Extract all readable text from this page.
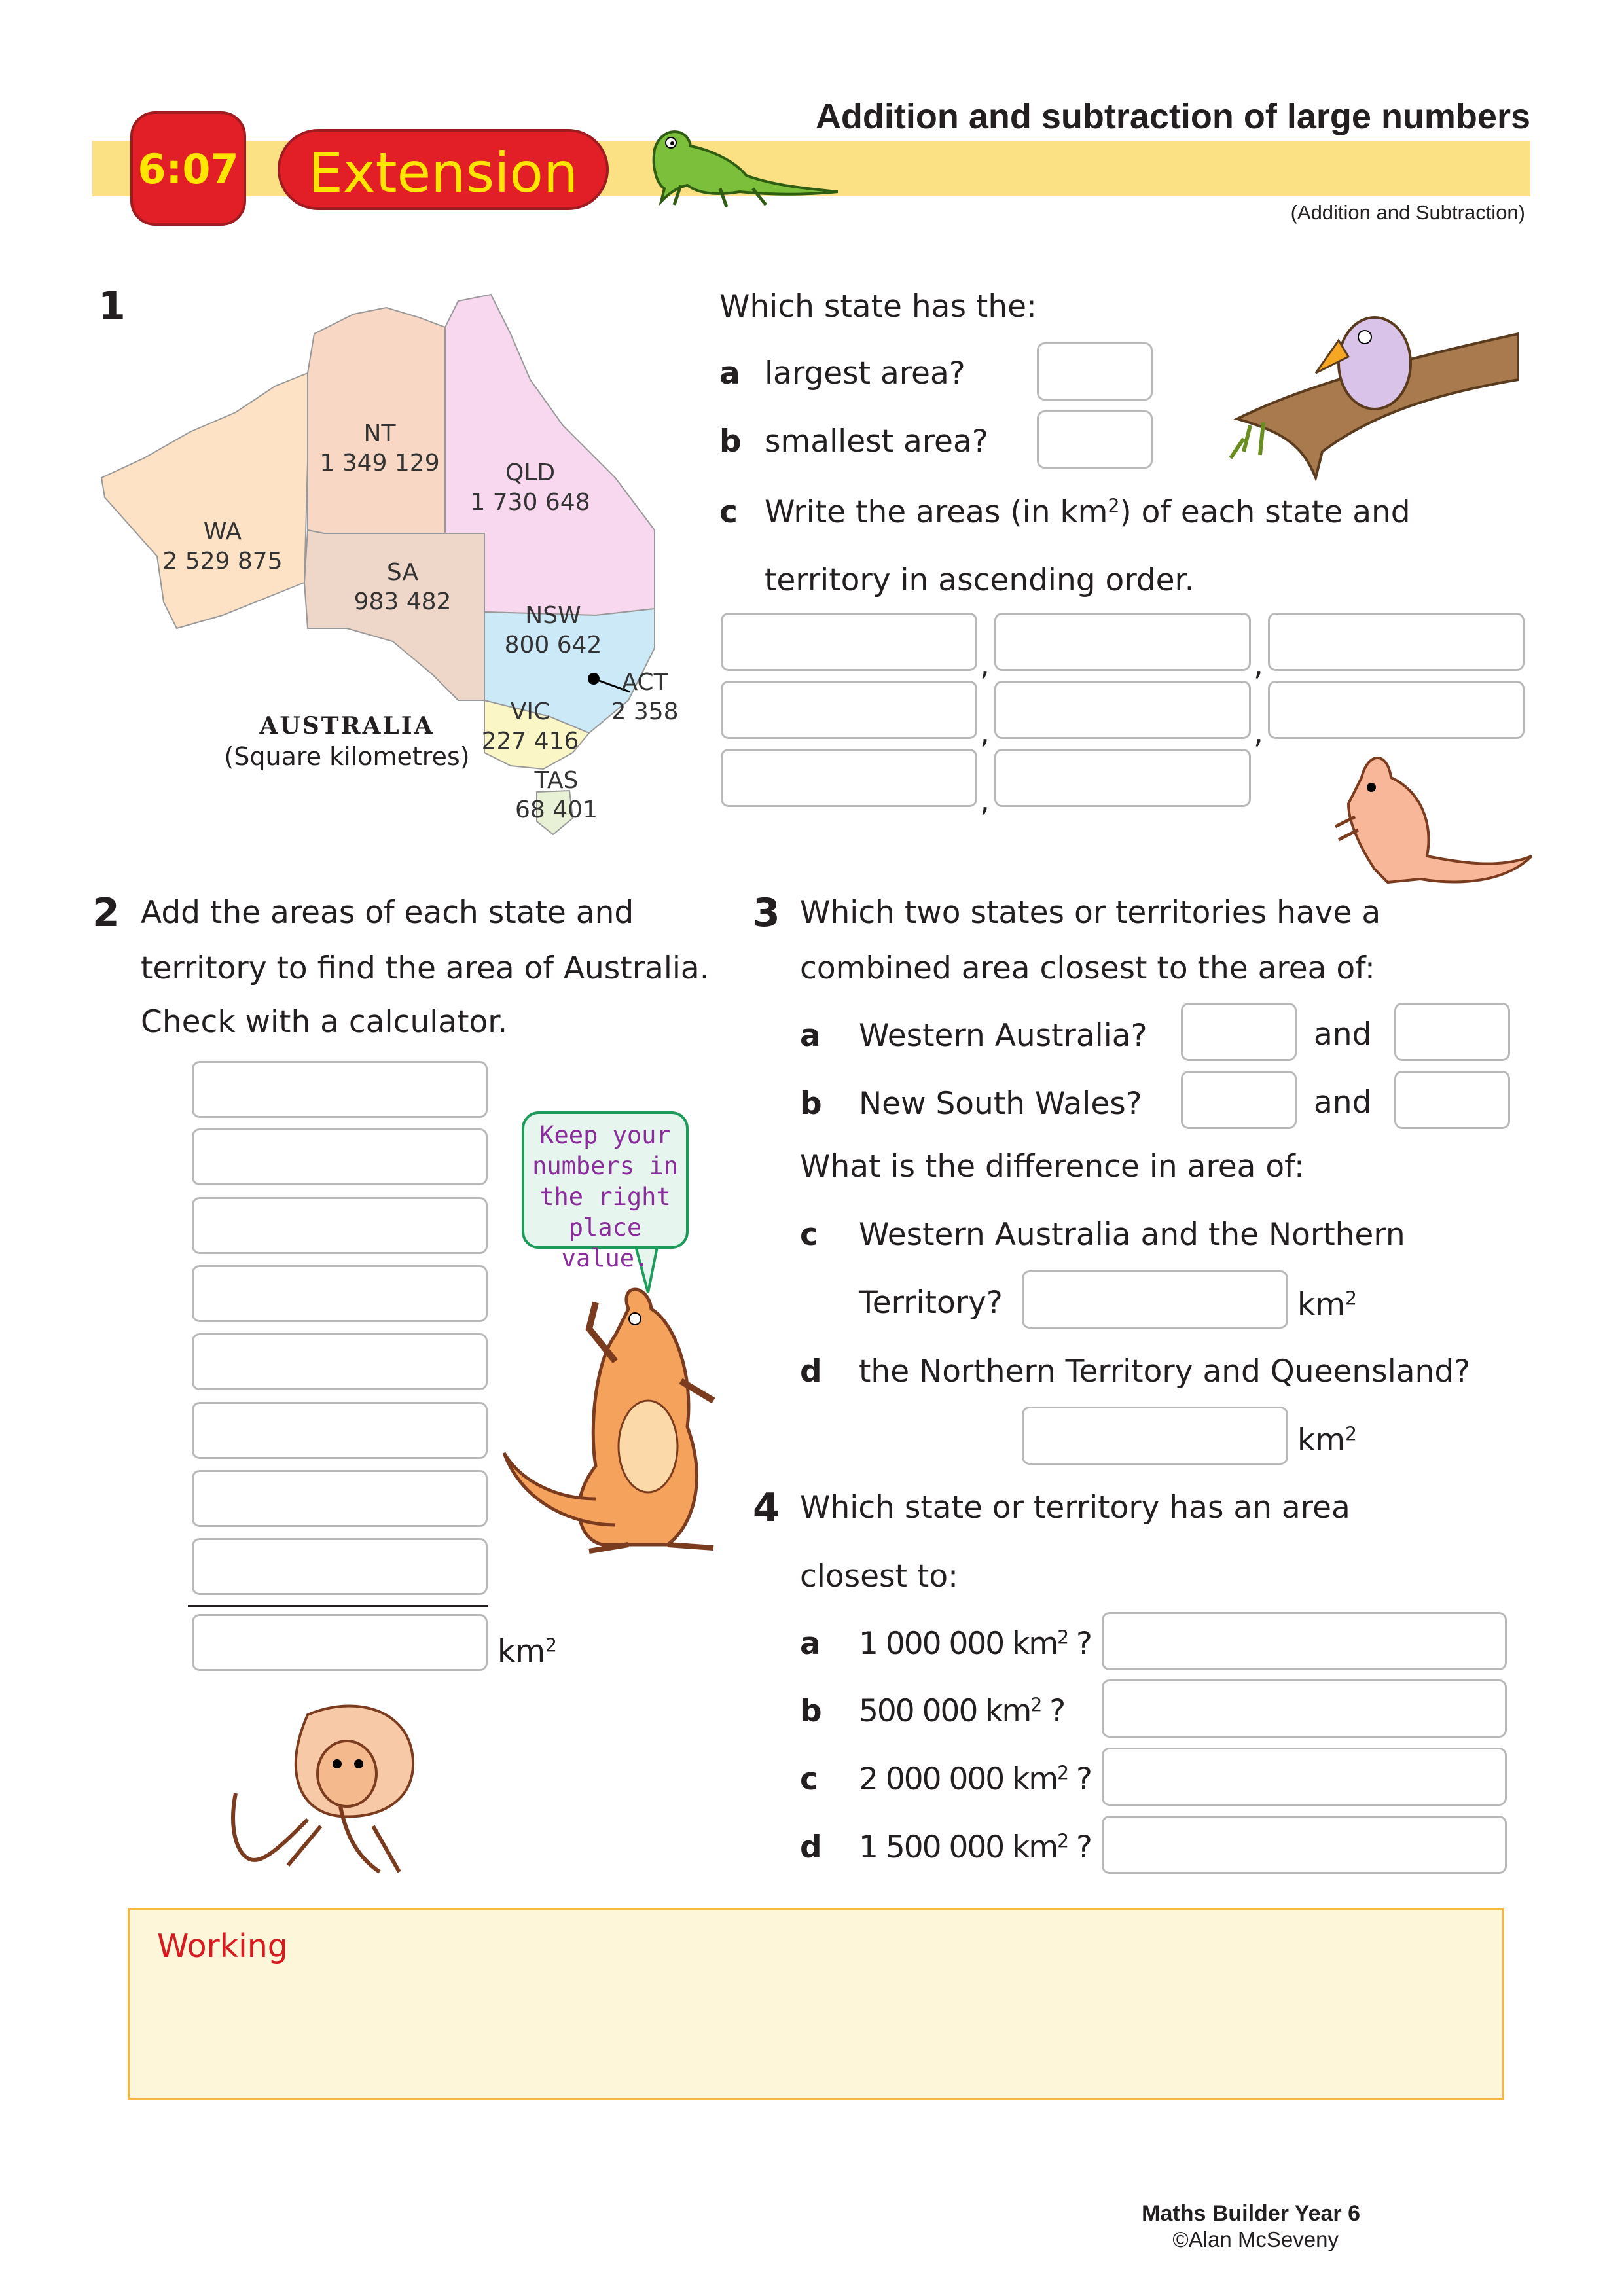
6:07	Extension
Addition and subtraction of large numbers
(Addition and Subtraction)
1
NT
1 349 129	QLD
1 730 648
WA
2 529 875	SA
983 482
NSW
800 642
ACT
2 358
VIC
227 416
TAS
68 401
AUSTRALIA
(Square kilometres)
Which state has the:
a largest area?
b smallest area?
c Write the areas (in $km^2$) of each state and
territory in ascending order.
,	,
,	,
,
2 Add the areas of each state and
territory to find the area of Australia.
Check with a calculator.
$km^2$
Keep your numbers in the right place value.
3 Which two states or territories have a
combined area closest to the area of:
a Western Australia?	and
b New South Wales?	and
What is the difference in area of:
c Western Australia and the Northern
Territory?	$km^2$
d the Northern Territory and Queensland?
$km^2$
4 Which state or territory has an area
closest to:
a 1 000 000 $km^2$ ?
b 500 000 $km^2$ ?
c 2 000 000 $km^2$ ?
d 1 500 000 $km^2$ ?
Working
Maths Builder Year 6
©Alan McSeveny
